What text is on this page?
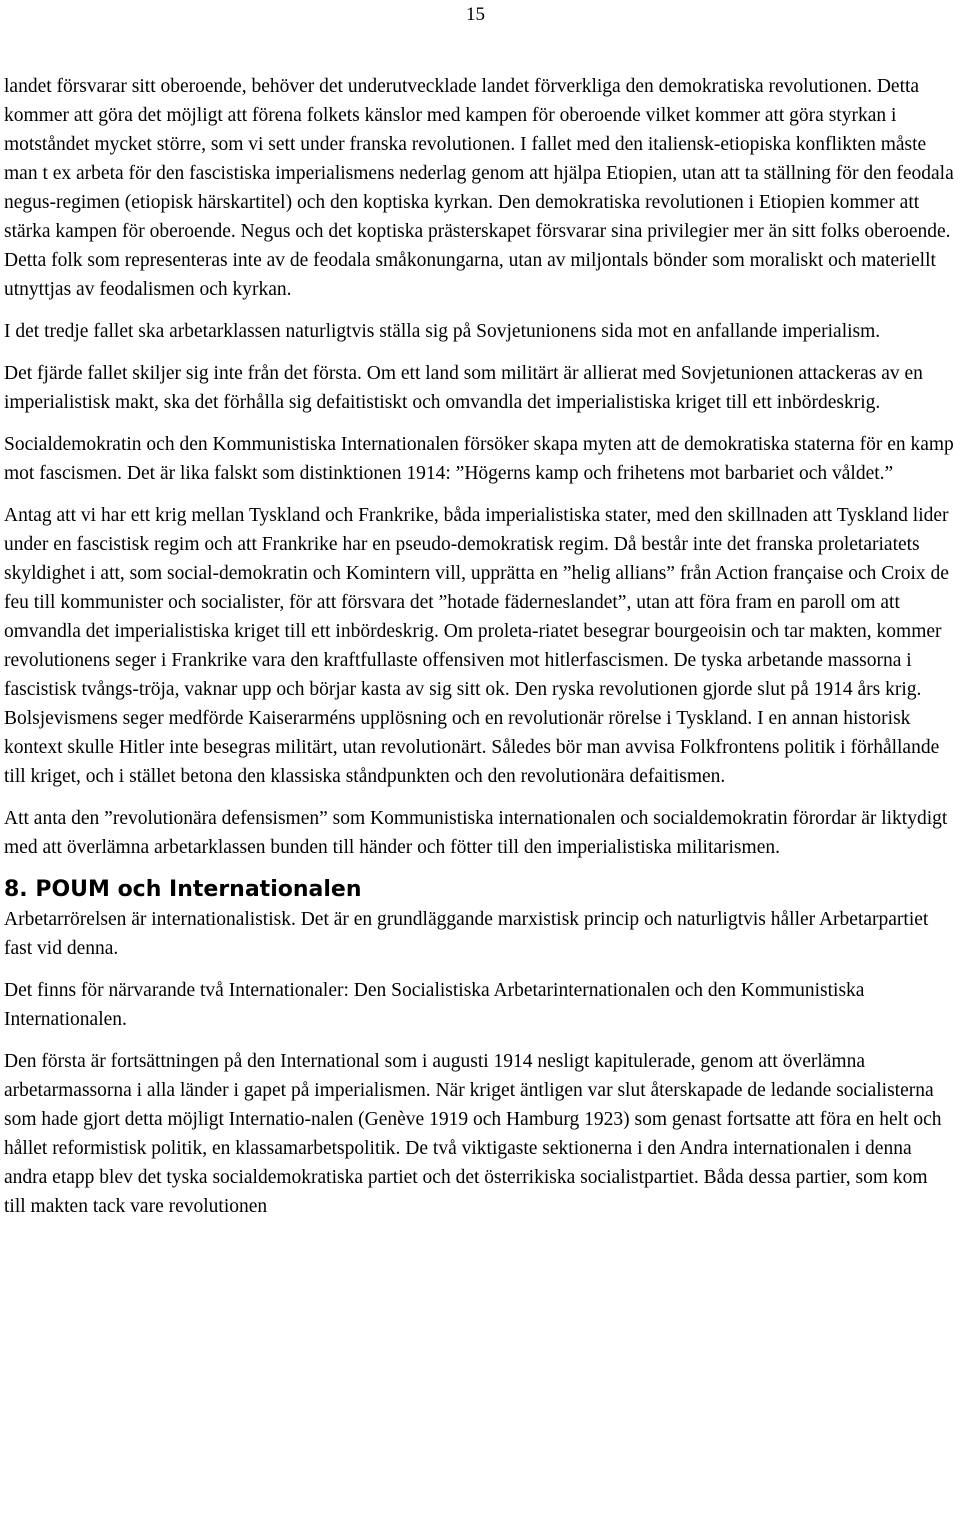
15

landet försvarar sitt oberoende, behöver det underutvecklade landet förverkliga den demokratiska revolutionen. Detta kommer att göra det möjligt att förena folkets känslor med kampen för oberoende vilket kommer att göra styrkan i motståndet mycket större, som vi sett under franska revolutionen. I fallet med den italiensk-etiopiska konflikten måste man t ex arbeta för den fascistiska imperialismens nederlag genom att hjälpa Etiopien, utan att ta ställning för den feodala negus-regimen (etiopisk härskartitel) och den koptiska kyrkan. Den demokratiska revolutionen i Etiopien kommer att stärka kampen för oberoende. Negus och det koptiska prästerskapet försvarar sina privilegier mer än sitt folks oberoende. Detta folk som representeras inte av de feodala småkonungarna, utan av miljontals bönder som moraliskt och materiellt utnyttjas av feodalismen och kyrkan.

I det tredje fallet ska arbetarklassen naturligtvis ställa sig på Sovjetunionens sida mot en anfallande imperialism.

Det fjärde fallet skiljer sig inte från det första. Om ett land som militärt är allierat med Sovjetunionen attackeras av en imperialistisk makt, ska det förhålla sig defaitistiskt och omvandla det imperialistiska kriget till ett inbördeskrig.

Socialdemokratin och den Kommunistiska Internationalen försöker skapa myten att de demokratiska staterna för en kamp mot fascismen. Det är lika falskt som distinktionen 1914: ”Högerns kamp och frihetens mot barbariet och våldet.”

Antag att vi har ett krig mellan Tyskland och Frankrike, båda imperialistiska stater, med den skillnaden att Tyskland lider under en fascistisk regim och att Frankrike har en pseudo-demokratisk regim. Då består inte det franska proletariatets skyldighet i att, som social-demokratin och Komintern vill, upprätta en ”helig allians” från Action française och Croix de feu till kommunister och socialister, för att försvara det ”hotade fäderneslandet”, utan att föra fram en paroll om att omvandla det imperialistiska kriget till ett inbördeskrig. Om proleta-riatet besegrar bourgeoisin och tar makten, kommer revolutionens seger i Frankrike vara den kraftfullaste offensiven mot hitlerfascismen. De tyska arbetande massorna i fascistisk tvångs-tröja, vaknar upp och börjar kasta av sig sitt ok. Den ryska revolutionen gjorde slut på 1914 års krig. Bolsjevismens seger medförde Kaiserarméns upplösning och en revolutionär rörelse i Tyskland. I en annan historisk kontext skulle Hitler inte besegras militärt, utan revolutionärt. Således bör man avvisa Folkfrontens politik i förhållande till kriget, och i stället betona den klassiska ståndpunkten och den revolutionära defaitismen.

Att anta den ”revolutionära defensismen” som Kommunistiska internationalen och socialdemokratin förordar är liktydigt med att överlämna arbetarklassen bunden till händer och fötter till den imperialistiska militarismen.

8. POUM och Internationalen

Arbetarrörelsen är internationalistisk. Det är en grundläggande marxistisk princip och naturligtvis håller Arbetarpartiet fast vid denna.

Det finns för närvarande två Internationaler: Den Socialistiska Arbetarinternationalen och den Kommunistiska Internationalen.

Den första är fortsättningen på den International som i augusti 1914 nesligt kapitulerade, genom att överlämna arbetarmassorna i alla länder i gapet på imperialismen. När kriget äntligen var slut återskapade de ledande socialisterna som hade gjort detta möjligt Internatio-nalen (Genève 1919 och Hamburg 1923) som genast fortsatte att föra en helt och hållet reformistisk politik, en klassamarbetspolitik. De två viktigaste sektionerna i den Andra internationalen i denna andra etapp blev det tyska socialdemokratiska partiet och det österrikiska socialistpartiet. Båda dessa partier, som kom till makten tack vare revolutionen
